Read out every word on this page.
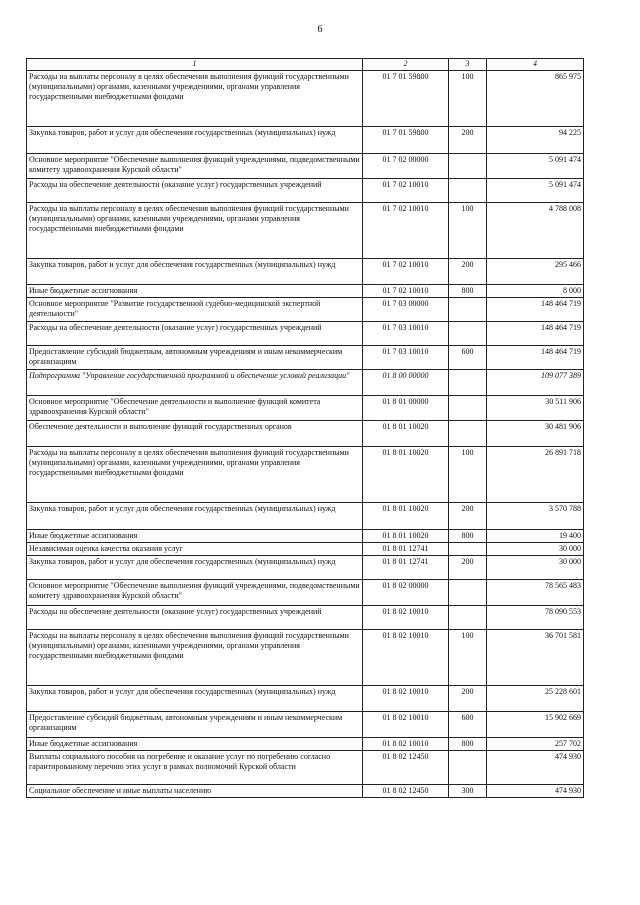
6
1	2	3	4
Расходы на выплаты персоналу в целях обеспечения выполнения функций государственными (муниципальными) органами, казенными учреждениями, органами управления государственными внебюджетными фондами	01 7 01 59800	100	865 975
Закупка товаров, работ и услуг для обеспечения государственных (муниципальных) нужд	01 7 01 59800	200	94 225
Основное мероприятие "Обеспечение выполнения функций учреждениями, подведомственными комитету здравоохранения Курской области"	01 7 02 00000		5 091 474
Расходы на обеспечение деятельности (оказание услуг) государственных учреждений	01 7 02 10010		5 091 474
Расходы на выплаты персоналу в целях обеспечения выполнения функций государственными (муниципальными) органами, казенными учреждениями, органами управления государственными внебюджетными фондами	01 7 02 10010	100	4 788 008
Закупка товаров, работ и услуг для обеспечения государственных (муниципальных) нужд	01 7 02 10010	200	295 466
Иные бюджетные ассигнования	01 7 02 10010	800	8 000
Основное мероприятие "Развитие государственной судебно-медицинской экспертной деятельности"	01 7 03 00000		148 464 719
Расходы на обеспечение деятельности (оказание услуг) государственных учреждений	01 7 03 10010		148 464 719
Предоставление субсидий бюджетным, автономным учреждениям и иным некоммерческим организациям	01 7 03 10010	600	148 464 719
Подпрограмма "Управление государственной программой и обеспечение условий реализации"	01 8 00 00000		109 077 389
Основное мероприятие "Обеспечение деятельности и выполнение функций комитета здравоохранения Курской области"	01 8 01 00000		30 511 906
Обеспечение деятельности и выполнение функций государственных органов	01 8 01 10020		30 481 906
Расходы на выплаты персоналу в целях обеспечения выполнения функций государственными (муниципальными) органами, казенными учреждениями, органами управления государственными внебюджетными фондами	01 8 01 10020	100	26 891 718
Закупка товаров, работ и услуг для обеспечения государственных (муниципальных) нужд	01 8 01 10020	200	3 570 788
Иные бюджетные ассигнования	01 8 01 10020	800	19 400
Независимая оценка качества оказания услуг	01 8 01 12741		30 000
Закупка товаров, работ и услуг для обеспечения государственных (муниципальных) нужд	01 8 01 12741	200	30 000
Основное мероприятие "Обеспечение выполнения функций учреждениями, подведомственными комитету здравоохранения Курской области"	01 8 02 00000		78 565 483
Расходы на обеспечение деятельности (оказание услуг) государственных учреждений	01 8 02 10010		78 090 553
Расходы на выплаты персоналу в целях обеспечения выполнения функций государственными (муниципальными) органами, казенными учреждениями, органами управления государственными внебюджетными фондами	01 8 02 10010	100	36 701 581
Закупка товаров, работ и услуг для обеспечения государственных (муниципальных) нужд	01 8 02 10010	200	25 228 601
Предоставление субсидий бюджетным, автономным учреждениям и иным некоммерческим организациям	01 8 02 10010	600	15 902 669
Иные бюджетные ассигнования	01 8 02 10010	800	257 702
Выплаты социального пособия на погребение и оказание услуг по погребению согласно гарантированному перечню этих услуг в рамках полномочий Курской области	01 8 02 12450		474 930
Социальное обеспечение и иные выплаты населению	01 8 02 12450	300	474 930
